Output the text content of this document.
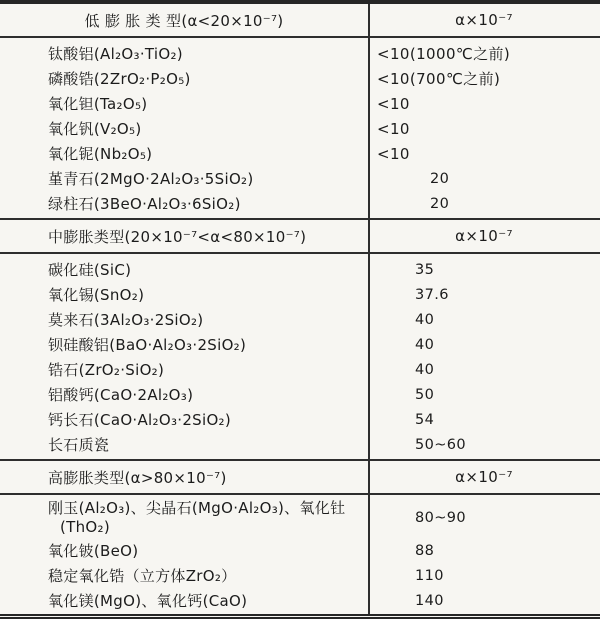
低 膨 胀 类 型(α<20×10⁻⁷)	α×10⁻⁷
钛酸铝(Al₂O₃·TiO₂)	<10(1000℃之前)
磷酸锆(2ZrO₂·P₂O₅)	<10(700℃之前)
氧化钽(Ta₂O₅)	<10
氧化钒(V₂O₅)	<10
氧化铌(Nb₂O₅)	<10
堇青石(2MgO·2Al₂O₃·5SiO₂)	20
绿柱石(3BeO·Al₂O₃·6SiO₂)	20
中膨胀类型(20×10⁻⁷<α<80×10⁻⁷)	α×10⁻⁷
碳化硅(SiC)	35
氧化锡(SnO₂)	37.6
莫来石(3Al₂O₃·2SiO₂)	40
钡硅酸铝(BaO·Al₂O₃·2SiO₂)	40
锆石(ZrO₂·SiO₂)	40
铝酸钙(CaO·2Al₂O₃)	50
钙长石(CaO·Al₂O₃·2SiO₂)	54
长石质瓷	50~60
高膨胀类型(α>80×10⁻⁷)	α×10⁻⁷
刚玉(Al₂O₃)、尖晶石(MgO·Al₂O₃)、氧化钍 (ThO₂)	80~90
氧化铍(BeO)	88
稳定氧化锆（立方体ZrO₂）	110
氧化镁(MgO)、氧化钙(CaO)	140
